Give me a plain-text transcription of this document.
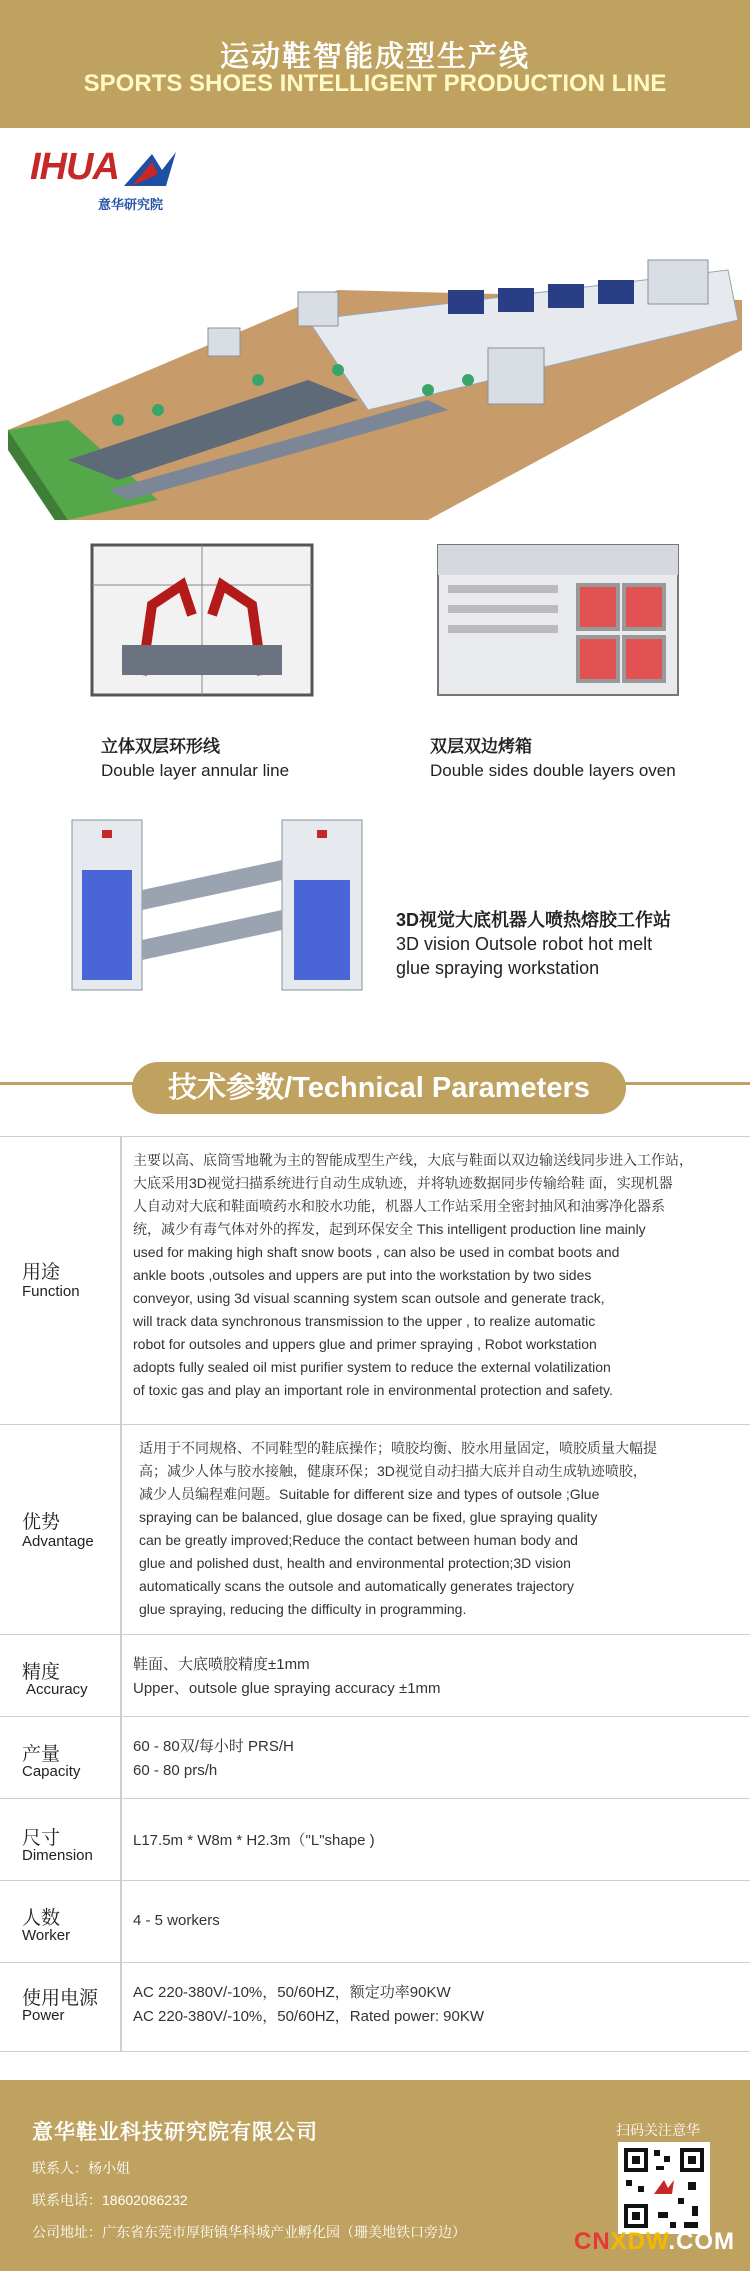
运动鞋智能成型生产线
SPORTS SHOES INTELLIGENT PRODUCTION LINE
IHUA
意华研究院
立体双层环形线
Double layer annular line
双层双边烤箱
Double sides double layers oven
3D视觉大底机器人喷热熔胶工作站
3D vision Outsole robot hot melt
glue spraying workstation
技术参数/Technical Parameters
用途
Function
主要以高、底筒雪地靴为主的智能成型生产线，大底与鞋面以双边输送线同步进入工作站，
大底采用3D视觉扫描系统进行自动生成轨迹，并将轨迹数据同步传输给鞋 面，实现机器
人自动对大底和鞋面喷药水和胶水功能，机器人工作站采用全密封抽风和油雾净化器系
统，减少有毒气体对外的挥发，起到环保安全 This intelligent production line mainly
used for making high shaft snow boots , can also be used in combat boots and
ankle boots ,outsoles and uppers are put into the workstation by two sides
conveyor, using 3d visual scanning system scan outsole and generate track,
will track data synchronous transmission to the upper , to realize automatic
robot for outsoles and uppers glue and primer spraying , Robot workstation
adopts fully sealed oil mist purifier system to reduce the external volatilization
of toxic gas and play an important role in environmental protection and safety.
优势
Advantage
适用于不同规格、不同鞋型的鞋底操作；喷胶均衡、胶水用量固定，喷胶质量大幅提
高；减少人体与胶水接触，健康环保；3D视觉自动扫描大底并自动生成轨迹喷胶，
减少人员编程难问题。Suitable for different size and types of outsole ;Glue
spraying can be balanced, glue dosage can be fixed, glue spraying quality
can be greatly improved;Reduce the contact between human body and
glue and polished dust, health and environmental protection;3D vision
automatically scans the outsole and automatically generates trajectory
glue spraying, reducing the difficulty in programming.
精度
Accuracy
鞋面、大底喷胶精度±1mm
Upper、outsole glue spraying accuracy ±1mm
产量
Capacity
60 - 80双/每小时 PRS/H
60 - 80 prs/h
尺寸
Dimension
L17.5m * W8m * H2.3m（"L"shape )
人数
Worker
4 - 5 workers
使用电源
Power
AC 220-380V/-10%，50/60HZ，额定功率90KW
AC 220-380V/-10%，50/60HZ，Rated power: 90KW
意华鞋业科技研究院有限公司
联系人：杨小姐
联系电话：18602086232
公司地址：广东省东莞市厚街镇华科城产业孵化园（珊美地铁口旁边）
扫码关注意华
CNXDW.COM
